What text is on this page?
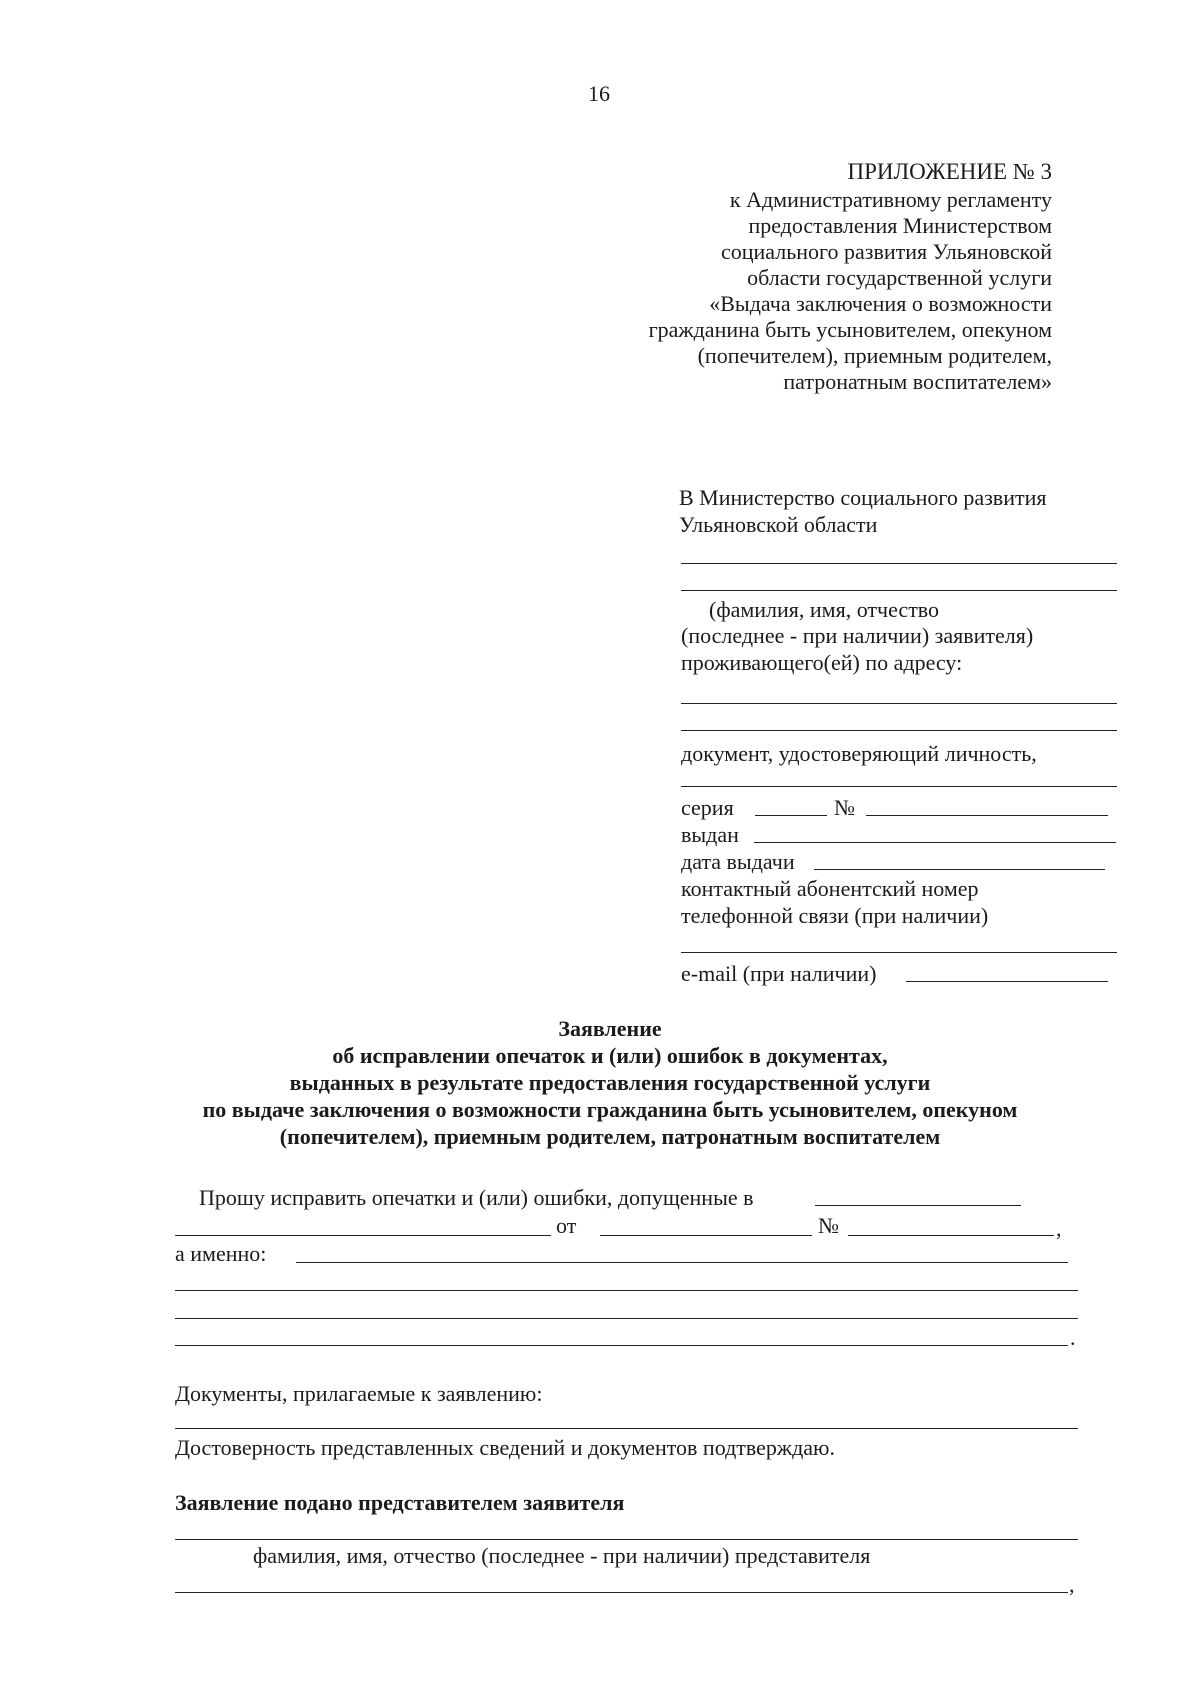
16
ПРИЛОЖЕНИЕ № 3
к Административному регламенту
предоставления Министерством
социального развития Ульяновской
области государственной услуги
«Выдача заключения о возможности
гражданина быть усыновителем, опекуном
(попечителем), приемным родителем,
патронатным воспитателем»
В Министерство социального развития
Ульяновской области
(фамилия, имя, отчество
(последнее - при наличии) заявителя)
проживающего(ей) по адресу:
документ, удостоверяющий личность,
серия	№
выдан
дата выдачи
контактный абонентский номер
телефонной связи (при наличии)
e-mail (при наличии)
Заявление
об исправлении опечаток и (или) ошибок в документах,
выданных в результате предоставления государственной услуги
по выдаче заключения о возможности гражданина быть усыновителем, опекуном
(попечителем), приемным родителем, патронатным воспитателем
Прошу исправить опечатки и (или) ошибки, допущенные в
от	№	,
а именно:
.
Документы, прилагаемые к заявлению:
Достоверность представленных сведений и документов подтверждаю.
Заявление подано представителем заявителя
фамилия, имя, отчество (последнее - при наличии) представителя
,
